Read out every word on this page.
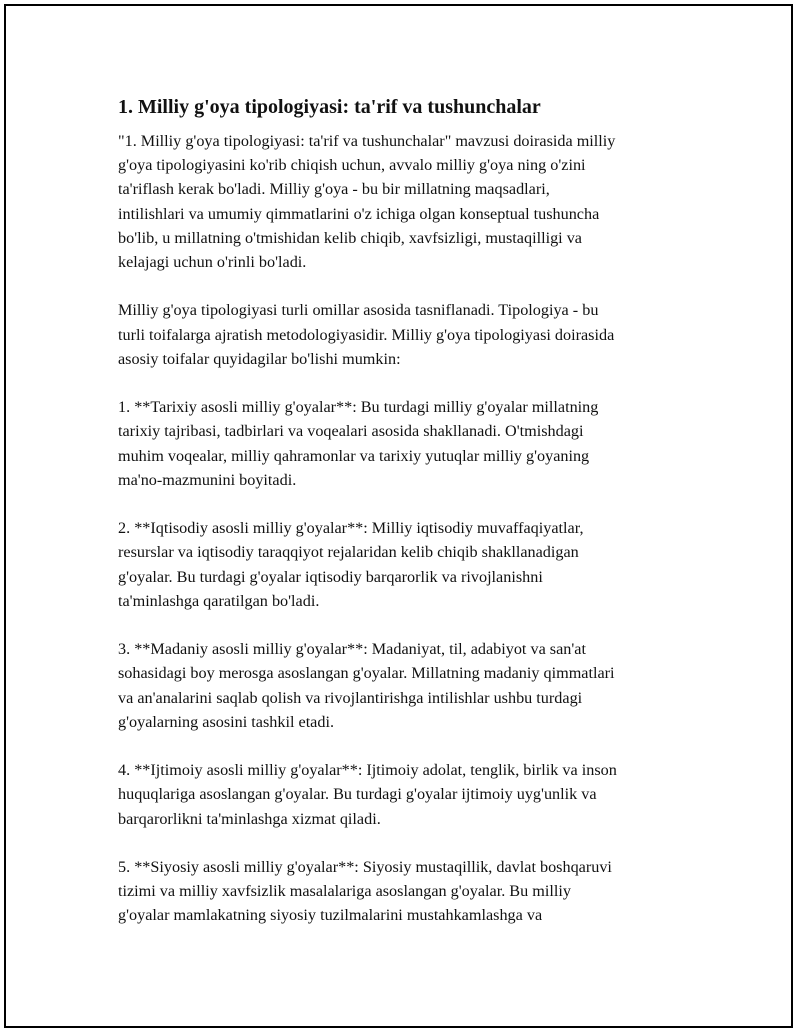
1. Milliy g'oya tipologiyasi: ta'rif va tushunchalar
"1. Milliy g'oya tipologiyasi: ta'rif va tushunchalar" mavzusi doirasida milliy
g'oya tipologiyasini ko'rib chiqish uchun, avvalo milliy g'oya ning o'zini
ta'riflash kerak bo'ladi. Milliy g'oya - bu bir millatning maqsadlari,
intilishlari va umumiy qimmatlarini o'z ichiga olgan konseptual tushuncha
bo'lib, u millatning o'tmishidan kelib chiqib, xavfsizligi, mustaqilligi va
kelajagi uchun o'rinli bo'ladi.
Milliy g'oya tipologiyasi turli omillar asosida tasniflanadi. Tipologiya - bu
turli toifalarga ajratish metodologiyasidir. Milliy g'oya tipologiyasi doirasida
asosiy toifalar quyidagilar bo'lishi mumkin:
1. **Tarixiy asosli milliy g'oyalar**: Bu turdagi milliy g'oyalar millatning
tarixiy tajribasi, tadbirlari va voqealari asosida shakllanadi. O'tmishdagi
muhim voqealar, milliy qahramonlar va tarixiy yutuqlar milliy g'oyaning
ma'no-mazmunini boyitadi.
2. **Iqtisodiy asosli milliy g'oyalar**: Milliy iqtisodiy muvaffaqiyatlar,
resurslar va iqtisodiy taraqqiyot rejalaridan kelib chiqib shakllanadigan
g'oyalar. Bu turdagi g'oyalar iqtisodiy barqarorlik va rivojlanishni
ta'minlashga qaratilgan bo'ladi.
3. **Madaniy asosli milliy g'oyalar**: Madaniyat, til, adabiyot va san'at
sohasidagi boy merosga asoslangan g'oyalar. Millatning madaniy qimmatlari
va an'analarini saqlab qolish va rivojlantirishga intilishlar ushbu turdagi
g'oyalarning asosini tashkil etadi.
4. **Ijtimoiy asosli milliy g'oyalar**: Ijtimoiy adolat, tenglik, birlik va inson
huquqlariga asoslangan g'oyalar. Bu turdagi g'oyalar ijtimoiy uyg'unlik va
barqarorlikni ta'minlashga xizmat qiladi.
5. **Siyosiy asosli milliy g'oyalar**: Siyosiy mustaqillik, davlat boshqaruvi
tizimi va milliy xavfsizlik masalalariga asoslangan g'oyalar. Bu milliy
g'oyalar mamlakatning siyosiy tuzilmalarini mustahkamlashga va
